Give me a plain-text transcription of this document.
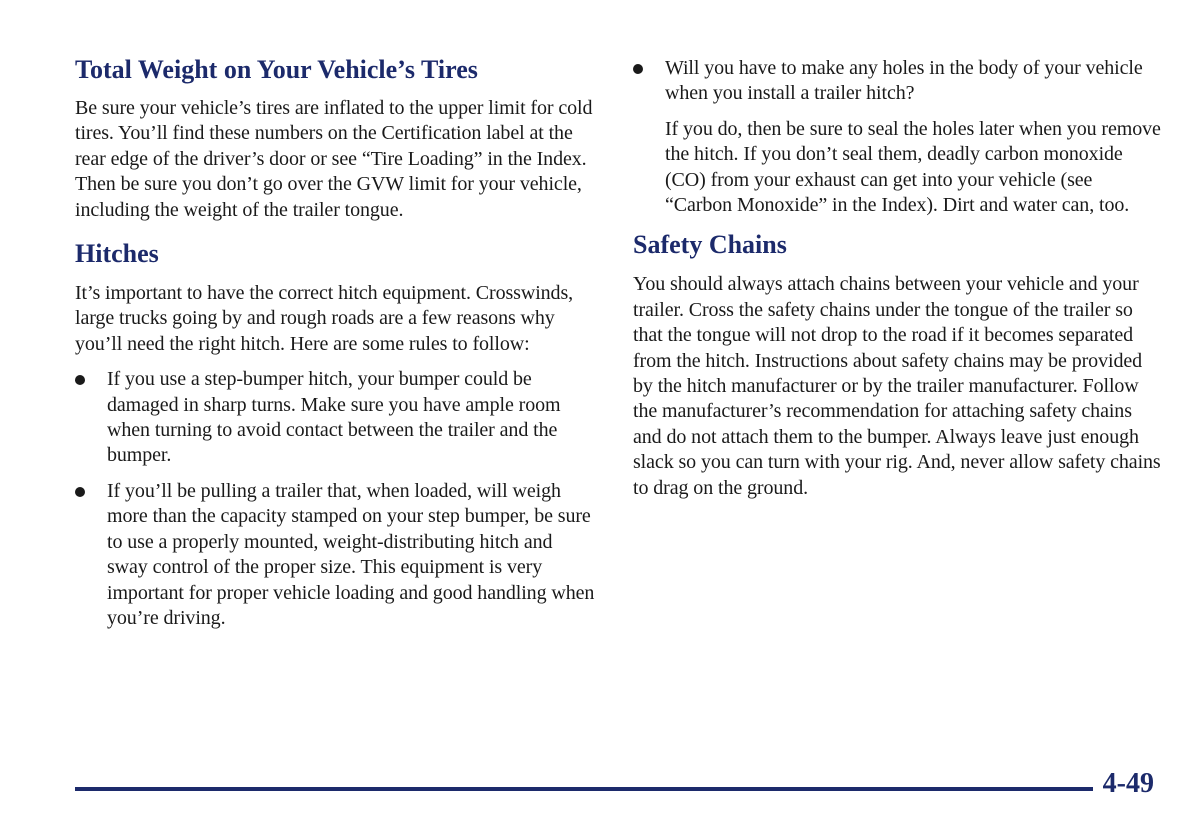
Total Weight on Your Vehicle’s Tires

Be sure your vehicle’s tires are inflated to the upper limit for cold tires. You’ll find these numbers on the Certification label at the rear edge of the driver’s door or see “Tire Loading” in the Index. Then be sure you don’t go over the GVW limit for your vehicle, including the weight of the trailer tongue.

Hitches

It’s important to have the correct hitch equipment. Crosswinds, large trucks going by and rough roads are a few reasons why you’ll need the right hitch. Here are some rules to follow:

If you use a step-bumper hitch, your bumper could be damaged in sharp turns. Make sure you have ample room when turning to avoid contact between the trailer and the bumper.

If you’ll be pulling a trailer that, when loaded, will weigh more than the capacity stamped on your step bumper, be sure to use a properly mounted, weight-distributing hitch and sway control of the proper size. This equipment is very important for proper vehicle loading and good handling when you’re driving.

Will you have to make any holes in the body of your vehicle when you install a trailer hitch?

If you do, then be sure to seal the holes later when you remove the hitch. If you don’t seal them, deadly carbon monoxide (CO) from your exhaust can get into your vehicle (see “Carbon Monoxide” in the Index). Dirt and water can, too.

Safety Chains

You should always attach chains between your vehicle and your trailer. Cross the safety chains under the tongue of the trailer so that the tongue will not drop to the road if it becomes separated from the hitch. Instructions about safety chains may be provided by the hitch manufacturer or by the trailer manufacturer. Follow the manufacturer’s recommendation for attaching safety chains and do not attach them to the bumper. Always leave just enough slack so you can turn with your rig. And, never allow safety chains to drag on the ground.

4-49
